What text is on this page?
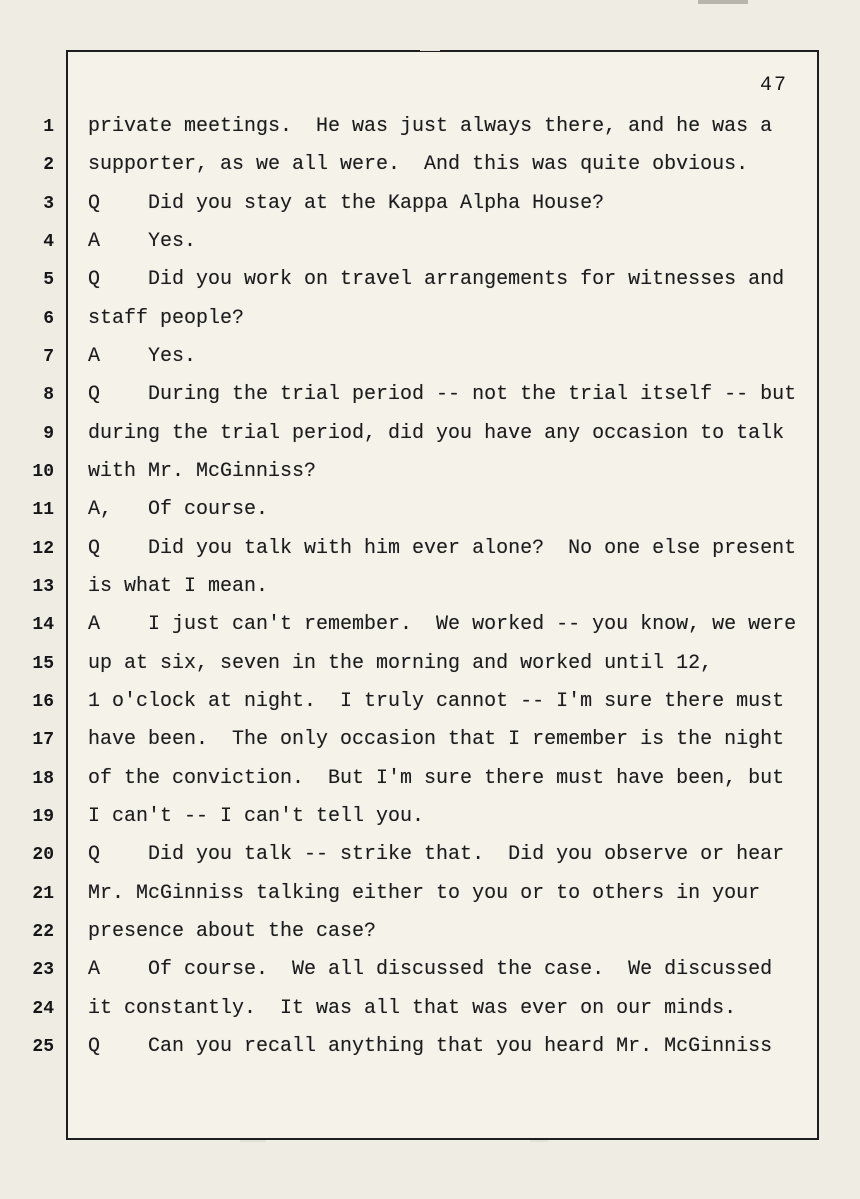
47
1
2
3
4
5
6
7
8
9
10
11
12
13
14
15
16
17
18
19
20
21
22
23
24
25
private meetings.  He was just always there, and he was a
supporter, as we all were.  And this was quite obvious.
Q    Did you stay at the Kappa Alpha House?
A    Yes.
Q    Did you work on travel arrangements for witnesses and
staff people?
A    Yes.
Q    During the trial period -- not the trial itself -- but
during the trial period, did you have any occasion to talk
with Mr. McGinniss?
A,   Of course.
Q    Did you talk with him ever alone?  No one else present
is what I mean.
A    I just can't remember.  We worked -- you know, we were
up at six, seven in the morning and worked until 12,
1 o'clock at night.  I truly cannot -- I'm sure there must
have been.  The only occasion that I remember is the night
of the conviction.  But I'm sure there must have been, but
I can't -- I can't tell you.
Q    Did you talk -- strike that.  Did you observe or hear
Mr. McGinniss talking either to you or to others in your
presence about the case?
A    Of course.  We all discussed the case.  We discussed
it constantly.  It was all that was ever on our minds.
Q    Can you recall anything that you heard Mr. McGinniss
